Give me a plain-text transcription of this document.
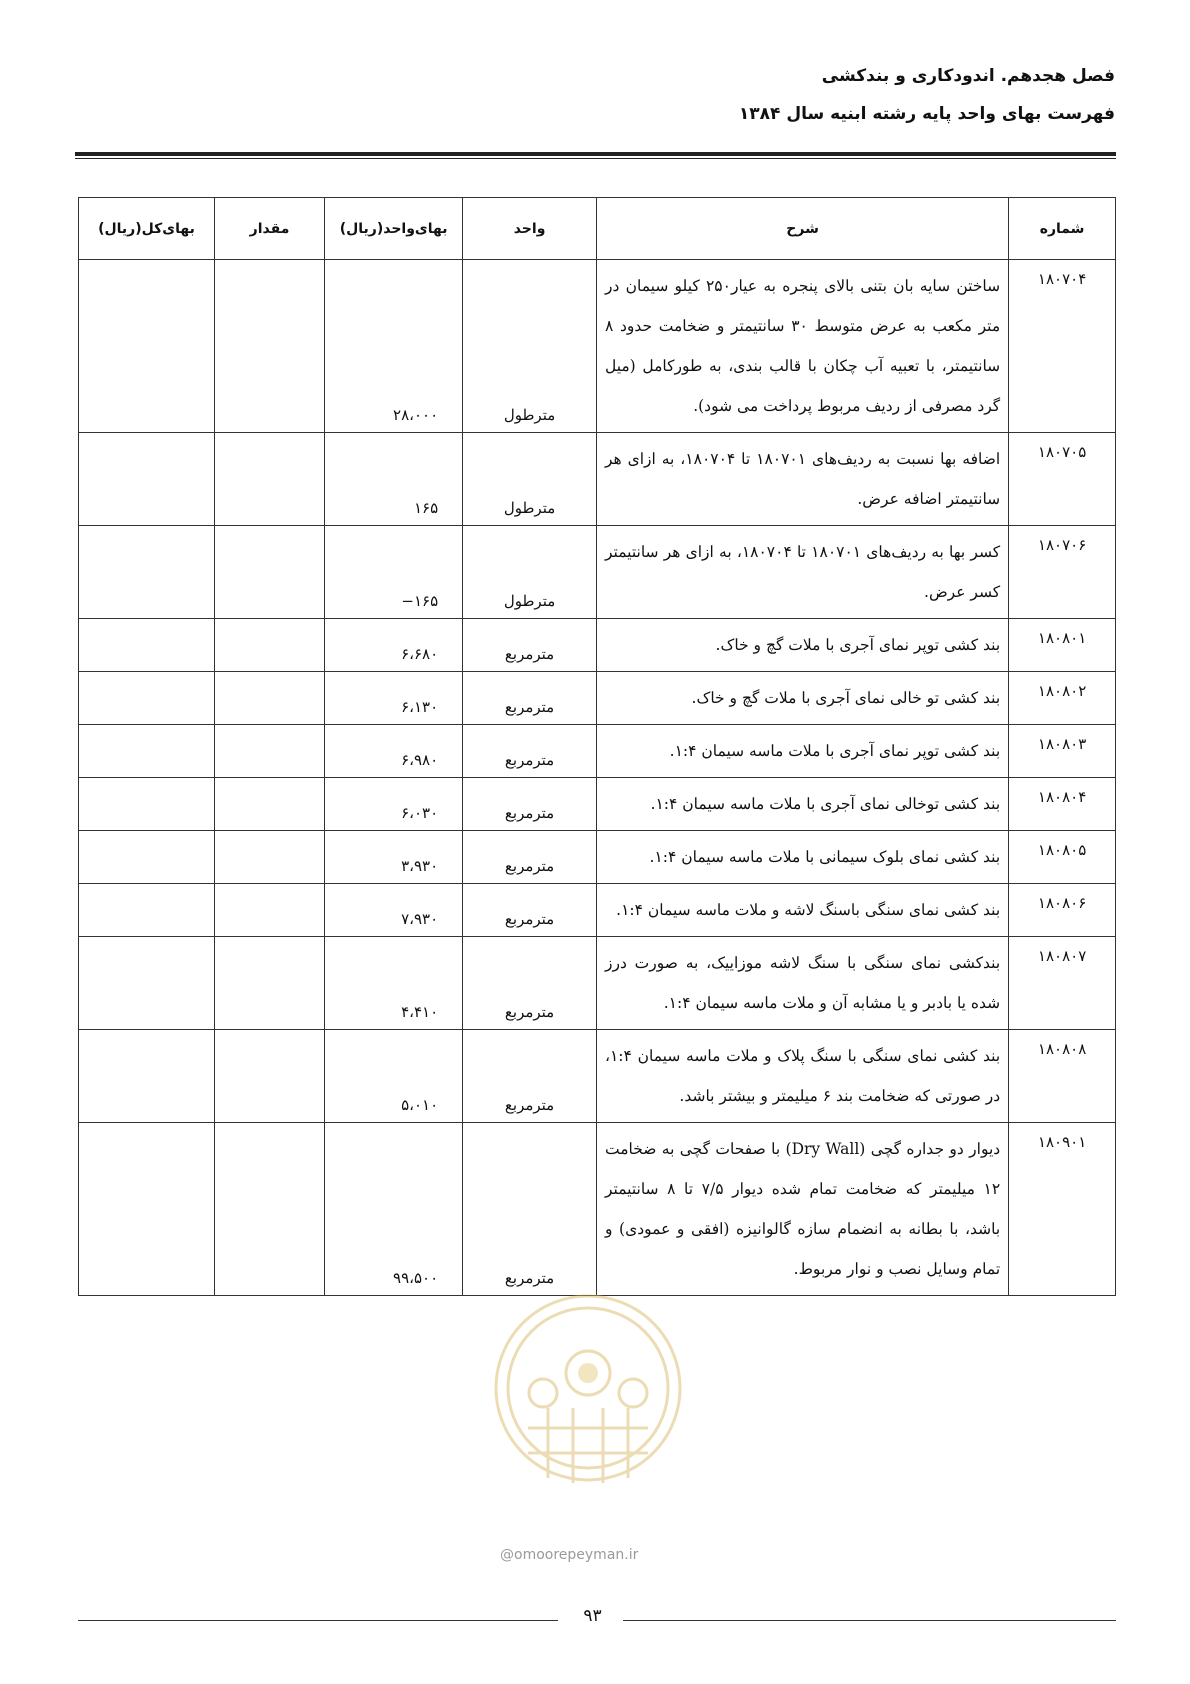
فصل هجدهم. اندودکاری و بندکشی
فهرست بهای واحد پایه رشته ابنیه سال ۱۳۸۴
شماره	شرح	واحد	بهای‌واحد(ریال)	مقدار	بهای‌کل(ریال)
۱۸۰۷۰۴	ساختن سایه بان بتنی بالای پنجره به عیار۲۵۰ کیلو سیمان در متر مکعب به عرض متوسط ۳۰ سانتیمتر و ضخامت حدود ۸ سانتیمتر، با تعبیه آب چکان با قالب بندی، به طورکامل (میل گرد مصرفی از ردیف مربوط پرداخت می شود).	مترطول	۲۸،۰۰۰		

۱۸۰۷۰۵	اضافه بها نسبت به ردیف‌های ۱۸۰۷۰۱ تا ۱۸۰۷۰۴، به ازای هر سانتیمتر اضافه عرض.	مترطول	۱۶۵		

۱۸۰۷۰۶	کسر بها به ردیف‌های ۱۸۰۷۰۱ تا ۱۸۰۷۰۴، به ازای هر سانتیمتر کسر عرض.	مترطول	−۱۶۵		

۱۸۰۸۰۱	بند کشی توپر نمای آجری با ملات گچ و خاک.	مترمربع	۶،۶۸۰		

۱۸۰۸۰۲	بند کشی تو خالی نمای آجری با ملات گچ و خاک.	مترمربع	۶،۱۳۰		

۱۸۰۸۰۳	بند کشی توپر نمای آجری با ملات ماسه سیمان ۱:۴.	مترمربع	۶،۹۸۰		

۱۸۰۸۰۴	بند کشی توخالی نمای آجری با ملات ماسه سیمان ۱:۴.	مترمربع	۶،۰۳۰		

۱۸۰۸۰۵	بند کشی نمای بلوک سیمانی با ملات ماسه سیمان ۱:۴.	مترمربع	۳،۹۳۰		

۱۸۰۸۰۶	بند کشی نمای سنگی باسنگ لاشه و ملات ماسه سیمان ۱:۴.	مترمربع	۷،۹۳۰		

۱۸۰۸۰۷	بندکشی نمای سنگی با سنگ لاشه موزاییک، به صورت درز شده یا بادبر و یا مشابه آن و ملات ماسه سیمان ۱:۴.	مترمربع	۴،۴۱۰		

۱۸۰۸۰۸	بند کشی نمای سنگی با سنگ پلاک و ملات ماسه سیمان ۱:۴، در صورتی که ضخامت بند ۶ میلیمتر و بیشتر باشد.	مترمربع	۵،۰۱۰		

۱۸۰۹۰۱	دیوار دو جداره گچی (Dry Wall) با صفحات گچی به ضخامت ۱۲ میلیمتر که ضخامت تمام شده دیوار ۷/۵ تا ۸ سانتیمتر باشد، با بطانه به انضمام سازه گالوانیزه (افقی و عمودی) و تمام وسایل نصب و نوار مربوط.	مترمربع	۹۹،۵۰۰		

@omoorepeyman.ir
۹۳
